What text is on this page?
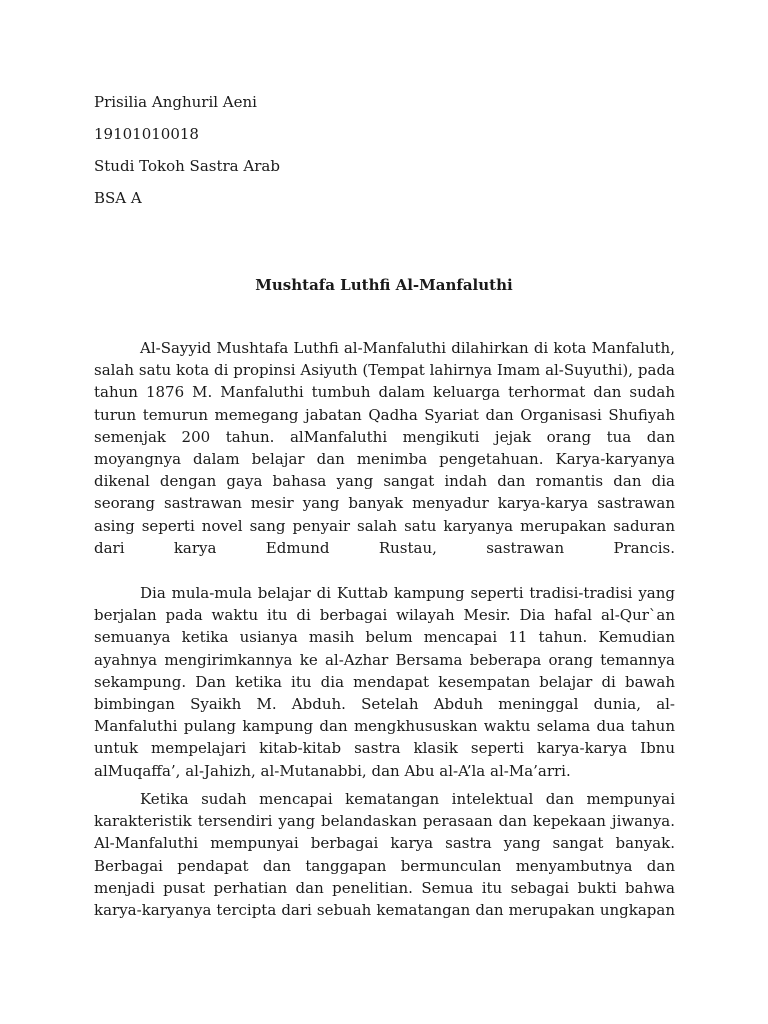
Prisilia Anghuril Aeni
19101010018
Studi Tokoh Sastra Arab
BSA A
Mushtafa Luthfi Al-Manfaluthi

Al-Sayyid Mushtafa Luthfi al-Manfaluthi dilahirkan di kota Manfaluth, salah satu kota di propinsi Asiyuth (Tempat lahirnya Imam al-Suyuthi), pada tahun 1876 M. Manfaluthi tumbuh dalam keluarga terhormat dan sudah turun temurun memegang jabatan Qadha Syariat dan Organisasi Shufiyah semenjak 200 tahun. alManfaluthi mengikuti jejak orang tua dan moyangnya dalam belajar dan menimba pengetahuan. Karya-karyanya dikenal dengan gaya bahasa yang sangat indah dan romantis dan dia seorang sastrawan mesir yang banyak menyadur karya-karya sastrawan asing seperti novel sang penyair salah satu karyanya merupakan saduran dari karya Edmund Rustau, sastrawan Prancis.

Dia mula-mula belajar di Kuttab kampung seperti tradisi-tradisi yang berjalan pada waktu itu di berbagai wilayah Mesir. Dia hafal al-Qur`an semuanya ketika usianya masih belum mencapai 11 tahun. Kemudian ayahnya mengirimkannya ke al-Azhar Bersama beberapa orang temannya sekampung. Dan ketika itu dia mendapat kesempatan belajar di bawah bimbingan Syaikh M. Abduh. Setelah Abduh meninggal dunia, al-Manfaluthi pulang kampung dan mengkhususkan waktu selama dua tahun untuk mempelajari kitab-kitab sastra klasik seperti karya-karya Ibnu alMuqaffa’, al-Jahizh, al-Mutanabbi, dan Abu al-A’la al-Ma’arri.

Ketika sudah mencapai kematangan intelektual dan mempunyai karakteristik tersendiri yang belandaskan perasaan dan kepekaan jiwanya. Al-Manfaluthi mempunyai berbagai karya sastra yang sangat banyak. Berbagai pendapat dan tanggapan bermunculan menyambutnya dan menjadi pusat perhatian dan penelitian. Semua itu sebagai bukti bahwa karya-karyanya tercipta dari sebuah kematangan dan merupakan ungkapan
